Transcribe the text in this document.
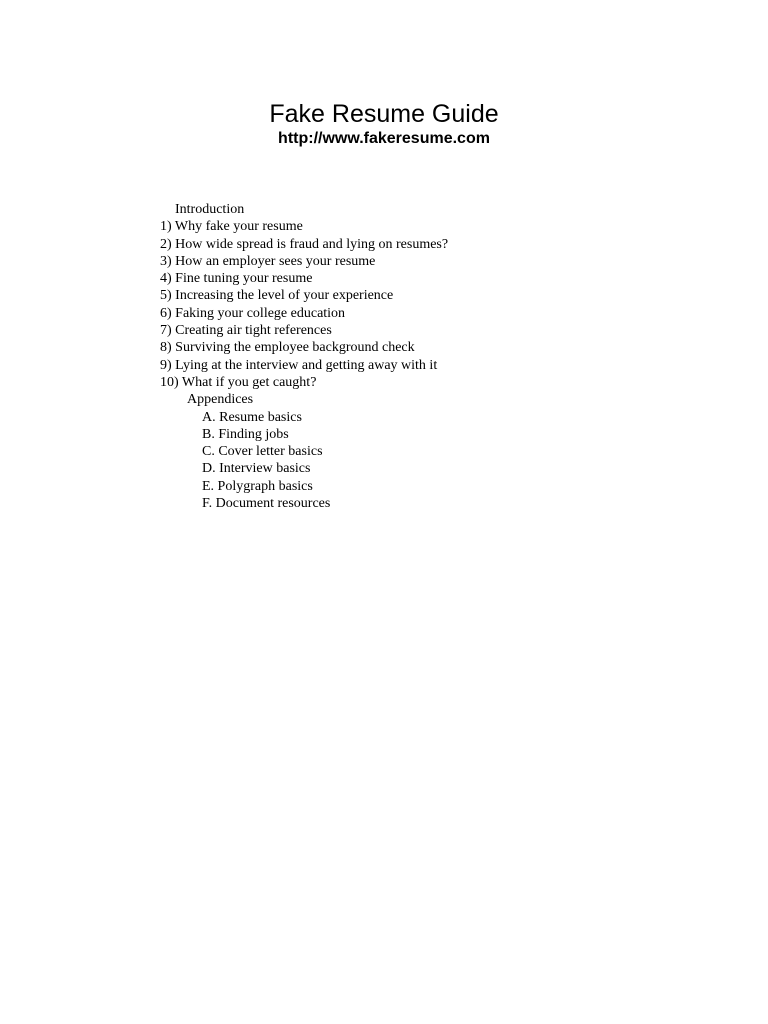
Fake Resume Guide
http://www.fakeresume.com
Introduction
1) Why fake your resume
2) How wide spread is fraud and lying on resumes?
3) How an employer sees your resume
4) Fine tuning your resume
5) Increasing the level of your experience
6) Faking your college education
7) Creating air tight references
8) Surviving the employee background check
9) Lying at the interview and getting away with it
10) What if you get caught?
Appendices
A. Resume basics
B. Finding jobs
C. Cover letter basics
D. Interview basics
E. Polygraph basics
F. Document resources
